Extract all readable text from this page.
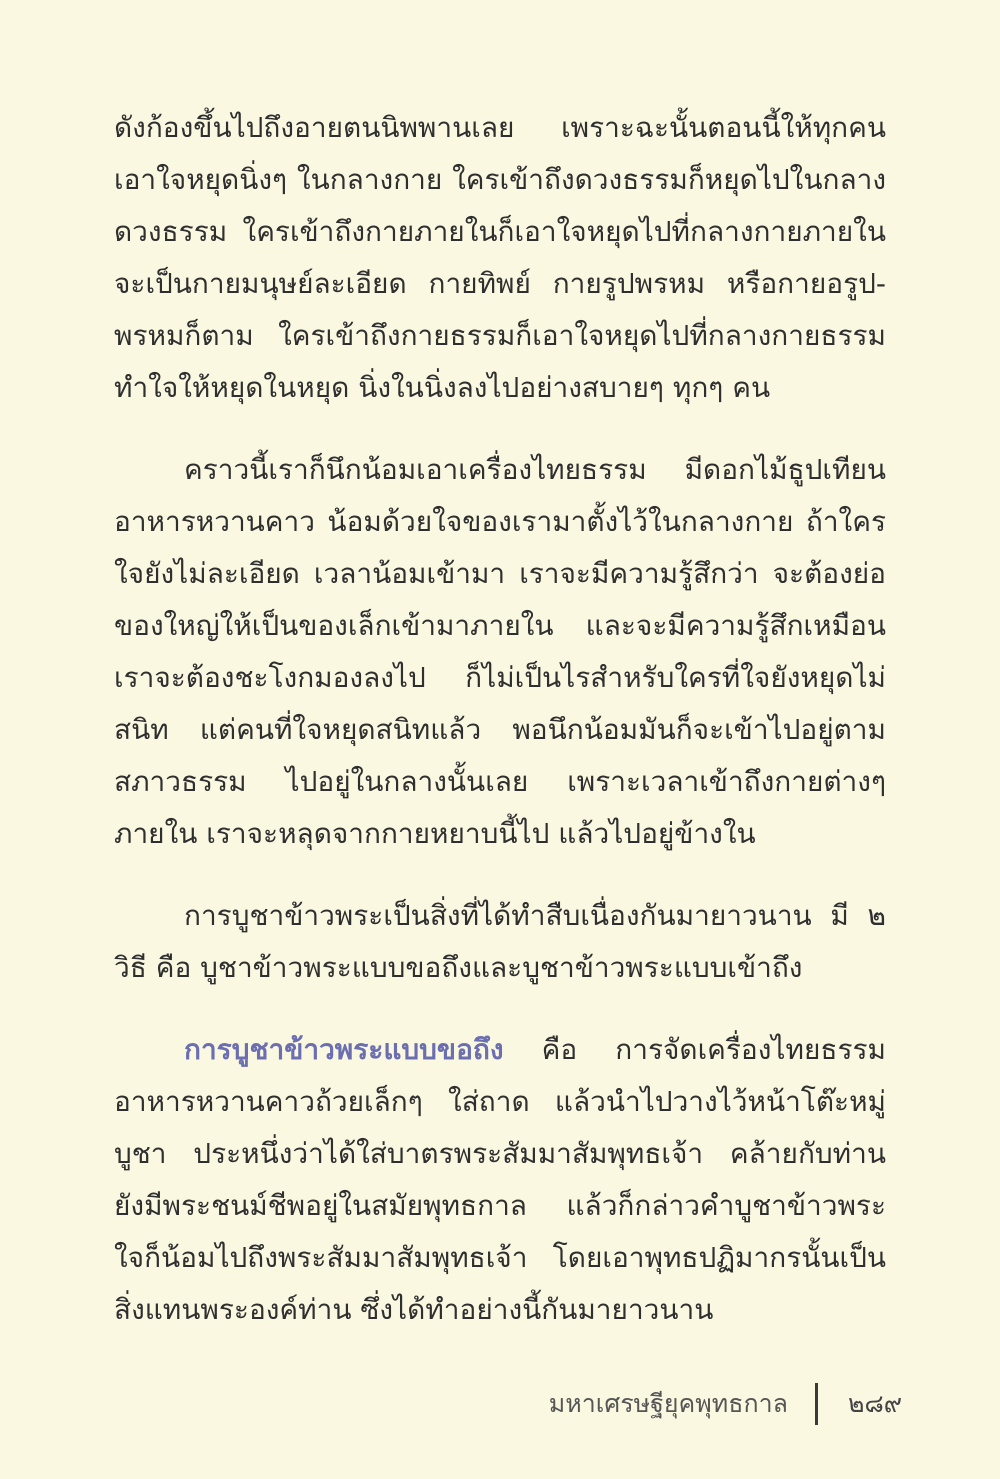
ดังก้องขึ้นไปถึงอายตนนิพพานเลย เพราะฉะนั้นตอนนี้ให้ทุกคน
เอาใจหยุดนิ่งๆ ในกลางกาย ใครเข้าถึงดวงธรรมก็หยุดไปในกลาง
ดวงธรรม ใครเข้าถึงกายภายในก็เอาใจหยุดไปที่กลางกายภายใน
จะเป็นกายมนุษย์ละเอียด กายทิพย์ กายรูปพรหม หรือกายอรูป-
พรหมก็ตาม ใครเข้าถึงกายธรรมก็เอาใจหยุดไปที่กลางกายธรรม
ทำใจให้หยุดในหยุด นิ่งในนิ่งลงไปอย่างสบายๆ ทุกๆ คน
คราวนี้เราก็นึกน้อมเอาเครื่องไทยธรรม มีดอกไม้ธูปเทียน
อาหารหวานคาว น้อมด้วยใจของเรามาตั้งไว้ในกลางกาย ถ้าใคร
ใจยังไม่ละเอียด เวลาน้อมเข้ามา เราจะมีความรู้สึกว่า จะต้องย่อ
ของใหญ่ให้เป็นของเล็กเข้ามาภายใน และจะมีความรู้สึกเหมือน
เราจะต้องชะโงกมองลงไป ก็ไม่เป็นไรสำหรับใครที่ใจยังหยุดไม่
สนิท แต่คนที่ใจหยุดสนิทแล้ว พอนึกน้อมมันก็จะเข้าไปอยู่ตาม
สภาวธรรม ไปอยู่ในกลางนั้นเลย เพราะเวลาเข้าถึงกายต่างๆ
ภายใน เราจะหลุดจากกายหยาบนี้ไป แล้วไปอยู่ข้างใน
การบูชาข้าวพระเป็นสิ่งที่ได้ทำสืบเนื่องกันมายาวนาน มี ๒
วิธี คือ บูชาข้าวพระแบบขอถึงและบูชาข้าวพระแบบเข้าถึง
การบูชาข้าวพระแบบขอถึง คือ การจัดเครื่องไทยธรรม
อาหารหวานคาวถ้วยเล็กๆ ใส่ถาด แล้วนำไปวางไว้หน้าโต๊ะหมู่
บูชา ประหนึ่งว่าได้ใส่บาตรพระสัมมาสัมพุทธเจ้า คล้ายกับท่าน
ยังมีพระชนม์ชีพอยู่ในสมัยพุทธกาล แล้วก็กล่าวคำบูชาข้าวพระ
ใจก็น้อมไปถึงพระสัมมาสัมพุทธเจ้า โดยเอาพุทธปฏิมากรนั้นเป็น
สิ่งแทนพระองค์ท่าน ซึ่งได้ทำอย่างนี้กันมายาวนาน
มหาเศรษฐียุคพุทธกาล ๒๘๙
